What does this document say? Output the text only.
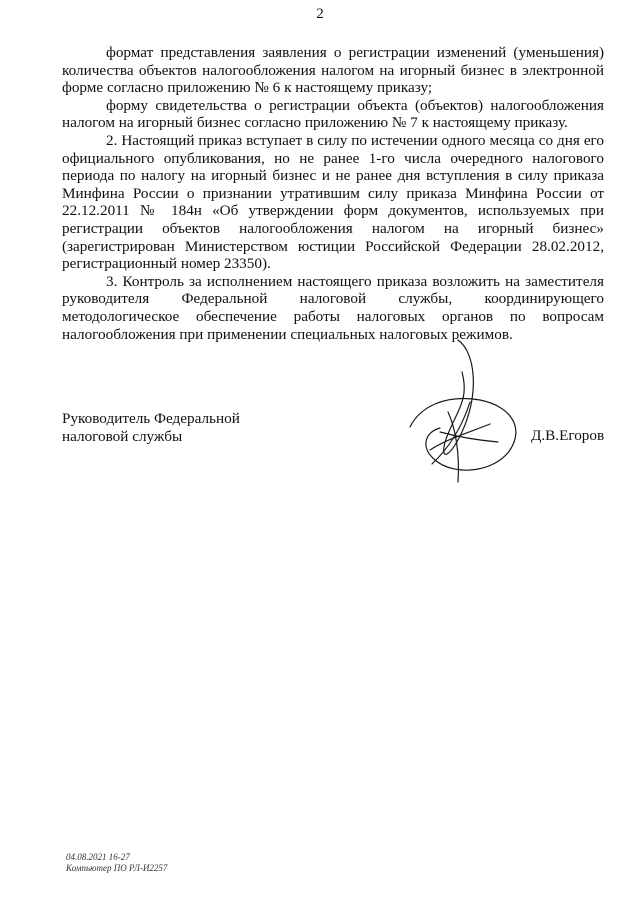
2

формат представления заявления о регистрации изменений (уменьшения) количества объектов налогообложения налогом на игорный бизнес в электронной форме согласно приложению № 6 к настоящему приказу;

форму свидетельства о регистрации объекта (объектов) налогообложения налогом на игорный бизнес согласно приложению № 7 к настоящему приказу.

2. Настоящий приказ вступает в силу по истечении одного месяца со дня его официального опубликования, но не ранее 1-го числа очередного налогового периода по налогу на игорный бизнес и не ранее дня вступления в силу приказа Минфина России о признании утратившим силу приказа Минфина России от 22.12.2011 № 184н «Об утверждении форм документов, используемых при регистрации объектов налогообложения налогом на игорный бизнес» (зарегистрирован Министерством юстиции Российской Федерации 28.02.2012, регистрационный номер 23350).

3. Контроль за исполнением настоящего приказа возложить на заместителя руководителя Федеральной налоговой службы, координирующего методологическое обеспечение работы налоговых органов по вопросам налогообложения при применении специальных налоговых режимов.

Руководитель Федеральной
налоговой службы	Д.В.Егоров
04.08.2021 16-27
Компьютер ПО РЛ-И2257
